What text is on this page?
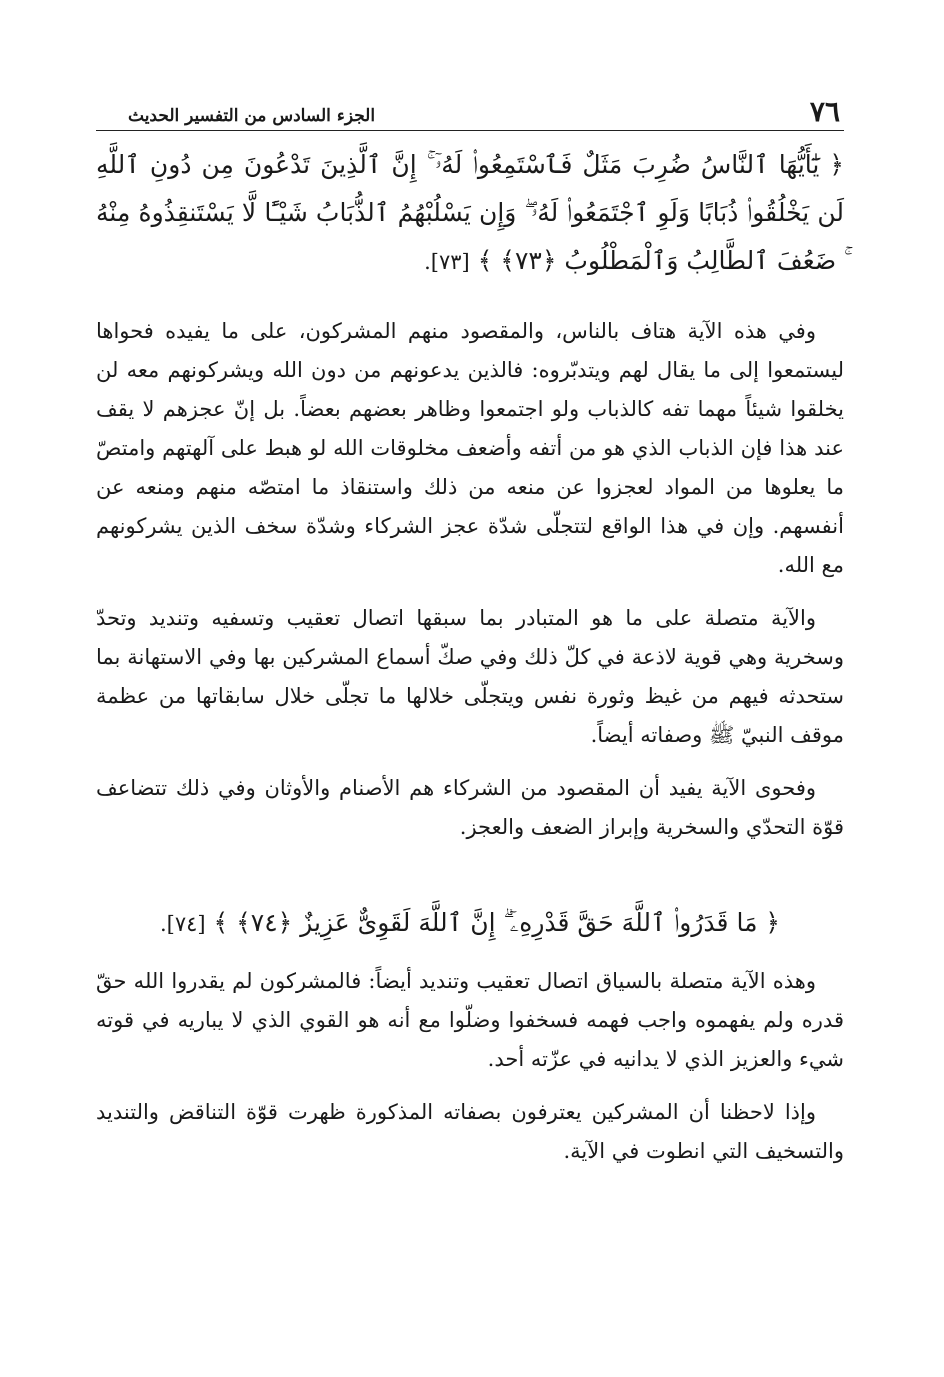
٧٦
الجزء السادس من التفسير الحديث

﴿ يَٰٓأَيُّهَا ٱلنَّاسُ ضُرِبَ مَثَلٌ فَٱسْتَمِعُوا۟ لَهُۥٓ ۚ إِنَّ ٱلَّذِينَ تَدْعُونَ مِن دُونِ ٱللَّهِ لَن يَخْلُقُوا۟ ذُبَابًا وَلَوِ ٱجْتَمَعُوا۟ لَهُۥ ۖ وَإِن يَسْلُبْهُمُ ٱلذُّبَابُ شَيْـًٔا لَّا يَسْتَنقِذُوهُ مِنْهُ ۚ ضَعُفَ ٱلطَّالِبُ وَٱلْمَطْلُوبُ ﴿٧٣﴾ ﴾ [٧٣].

وفي هذه الآية هتاف بالناس، والمقصود منهم المشركون، على ما يفيده فحواها ليستمعوا إلى ما يقال لهم ويتدبّروه: فالذين يدعونهم من دون الله ويشركونهم معه لن يخلقوا شيئاً مهما تفه كالذباب ولو اجتمعوا وظاهر بعضهم بعضاً. بل إنّ عجزهم لا يقف عند هذا فإن الذباب الذي هو من أتفه وأضعف مخلوقات الله لو هبط على آلهتهم وامتصّ ما يعلوها من المواد لعجزوا عن منعه من ذلك واستنقاذ ما امتصّه منهم ومنعه عن أنفسهم. وإن في هذا الواقع لتتجلّى شدّة عجز الشركاء وشدّة سخف الذين يشركونهم مع الله.

والآية متصلة على ما هو المتبادر بما سبقها اتصال تعقيب وتسفيه وتنديد وتحدّ وسخرية وهي قوية لاذعة في كلّ ذلك وفي صكّ أسماع المشركين بها وفي الاستهانة بما ستحدثه فيهم من غيظ وثورة نفس ويتجلّى خلالها ما تجلّى خلال سابقاتها من عظمة موقف النبيّ ﷺ وصفاته أيضاً.

وفحوى الآية يفيد أن المقصود من الشركاء هم الأصنام والأوثان وفي ذلك تتضاعف قوّة التحدّي والسخرية وإبراز الضعف والعجز.

﴿ مَا قَدَرُوا۟ ٱللَّهَ حَقَّ قَدْرِهِۦٓ ۗ إِنَّ ٱللَّهَ لَقَوِىٌّ عَزِيزٌ ﴿٧٤﴾ ﴾ [٧٤].

وهذه الآية متصلة بالسياق اتصال تعقيب وتنديد أيضاً: فالمشركون لم يقدروا الله حقّ قدره ولم يفهموه واجب فهمه فسخفوا وضلّوا مع أنه هو القوي الذي لا يباريه في قوته شيء والعزيز الذي لا يدانيه في عزّته أحد.

وإذا لاحظنا أن المشركين يعترفون بصفاته المذكورة ظهرت قوّة التناقض والتنديد والتسخيف التي انطوت في الآية.
